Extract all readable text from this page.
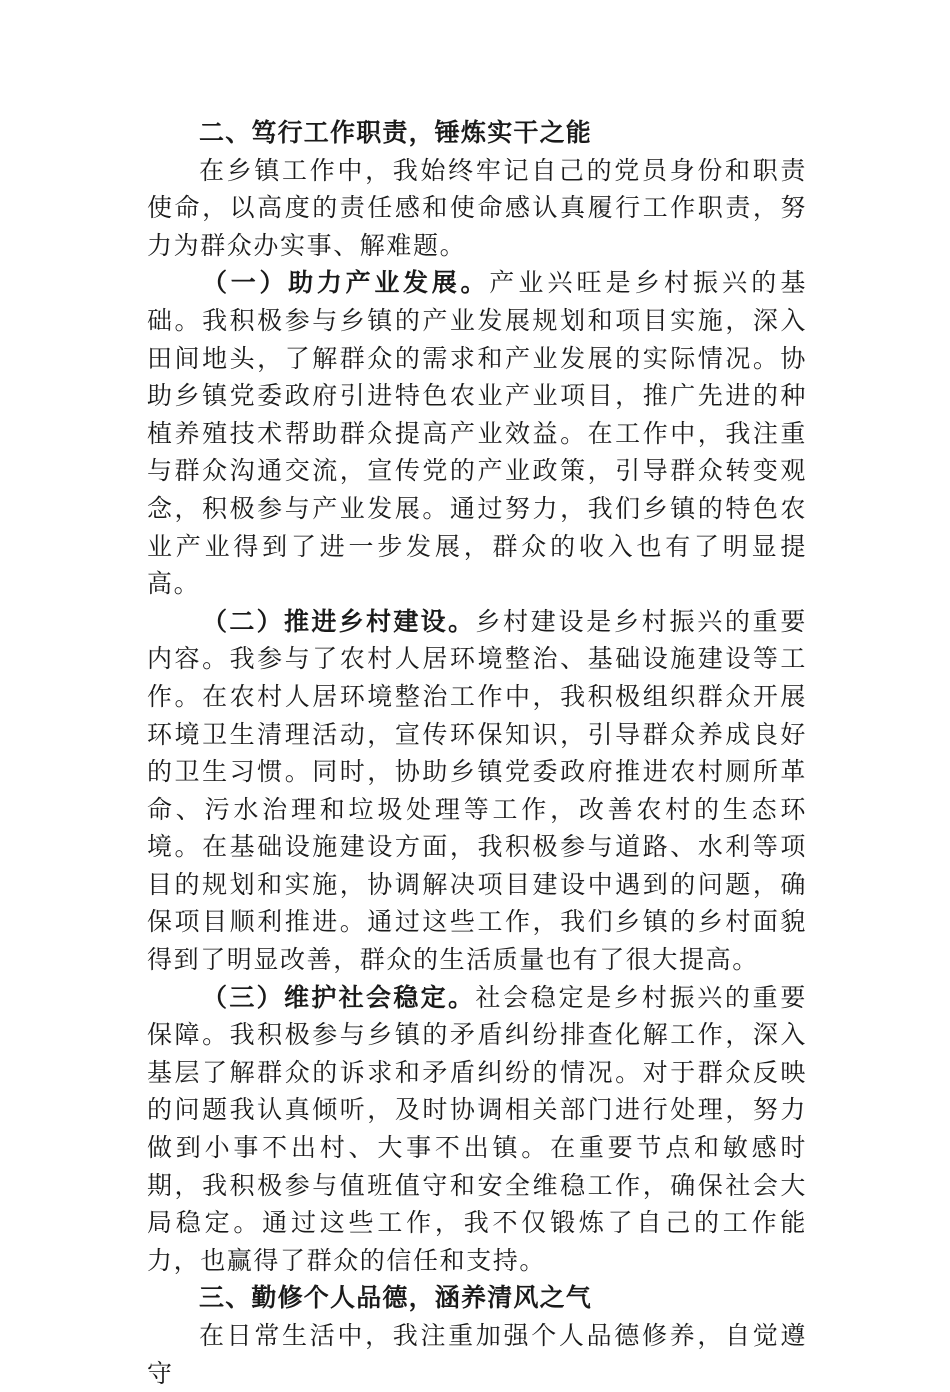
二、笃行工作职责，锤炼实干之能

在乡镇工作中，我始终牢记自己的党员身份和职责使命，以高度的责任感和使命感认真履行工作职责，努力为群众办实事、解难题。

（一）助力产业发展。产业兴旺是乡村振兴的基础。我积极参与乡镇的产业发展规划和项目实施，深入田间地头，了解群众的需求和产业发展的实际情况。协助乡镇党委政府引进特色农业产业项目，推广先进的种植养殖技术帮助群众提高产业效益。在工作中，我注重与群众沟通交流，宣传党的产业政策，引导群众转变观念，积极参与产业发展。通过努力，我们乡镇的特色农业产业得到了进一步发展，群众的收入也有了明显提高。

（二）推进乡村建设。乡村建设是乡村振兴的重要内容。我参与了农村人居环境整治、基础设施建设等工作。在农村人居环境整治工作中，我积极组织群众开展环境卫生清理活动，宣传环保知识，引导群众养成良好的卫生习惯。同时，协助乡镇党委政府推进农村厕所革命、污水治理和垃圾处理等工作，改善农村的生态环境。在基础设施建设方面，我积极参与道路、水利等项目的规划和实施，协调解决项目建设中遇到的问题，确保项目顺利推进。通过这些工作，我们乡镇的乡村面貌得到了明显改善，群众的生活质量也有了很大提高。

（三）维护社会稳定。社会稳定是乡村振兴的重要保障。我积极参与乡镇的矛盾纠纷排查化解工作，深入基层了解群众的诉求和矛盾纠纷的情况。对于群众反映的问题我认真倾听，及时协调相关部门进行处理，努力做到小事不出村、大事不出镇。在重要节点和敏感时期，我积极参与值班值守和安全维稳工作，确保社会大局稳定。通过这些工作，我不仅锻炼了自己的工作能力，也赢得了群众的信任和支持。

三、勤修个人品德，涵养清风之气

在日常生活中，我注重加强个人品德修养，自觉遵守
